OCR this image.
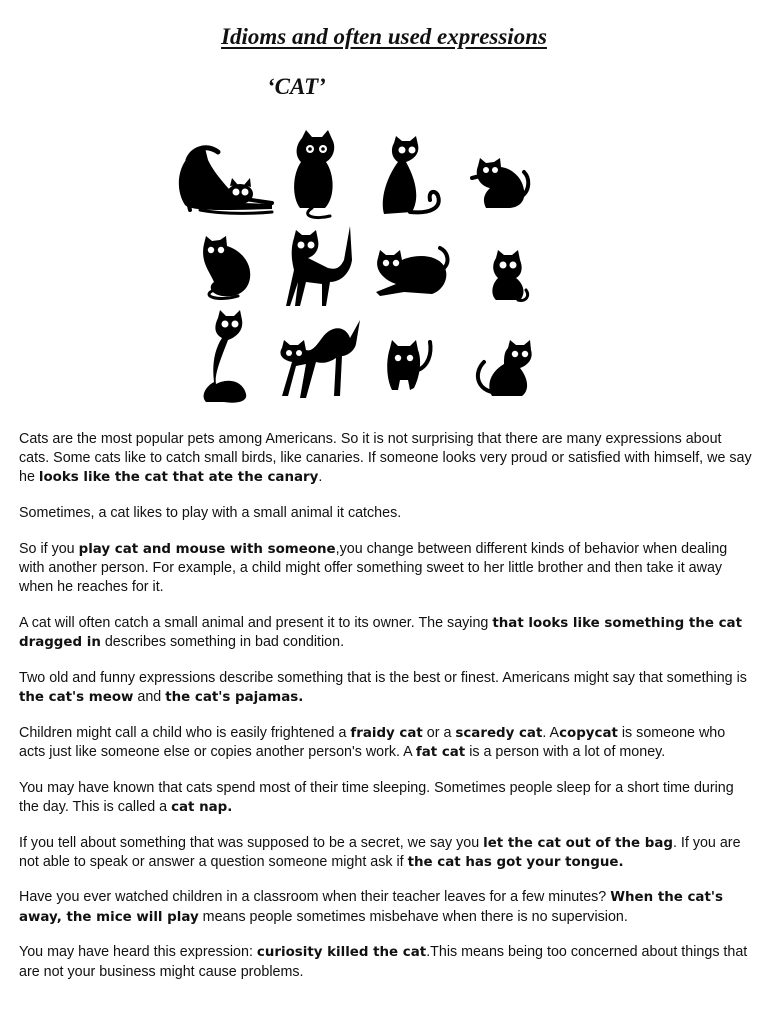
Idioms and often used expressions
‘CAT’

Cats are the most popular pets among Americans. So it is not surprising that there are many expressions about cats. Some cats like to catch small birds, like canaries. If someone looks very proud or satisfied with himself, we say he looks like the cat that ate the canary.

Sometimes, a cat likes to play with a small animal it catches.

So if you play cat and mouse with someone,you change between different kinds of behavior when dealing with another person. For example, a child might offer something sweet to her little brother and then take it away when he reaches for it.

A cat will often catch a small animal and present it to its owner. The saying that looks like something the cat dragged in describes something in bad condition.

Two old and funny expressions describe something that is the best or finest. Americans might say that something is the cat's meow and the cat's pajamas.

Children might call a child who is easily frightened a fraidy cat or a scaredy cat. Acopycat is someone who acts just like someone else or copies another person's work. A fat cat is a person with a lot of money.

You may have known that cats spend most of their time sleeping. Sometimes people sleep for a short time during the day. This is called a cat nap.

If you tell about something that was supposed to be a secret, we say you let the cat out of the bag. If you are not able to speak or answer a question someone might ask if the cat has got your tongue.

Have you ever watched children in a classroom when their teacher leaves for a few minutes? When the cat's away, the mice will play means people sometimes misbehave when there is no supervision.

You may have heard this expression: curiosity killed the cat.This means being too concerned about things that are not your business might cause problems.
